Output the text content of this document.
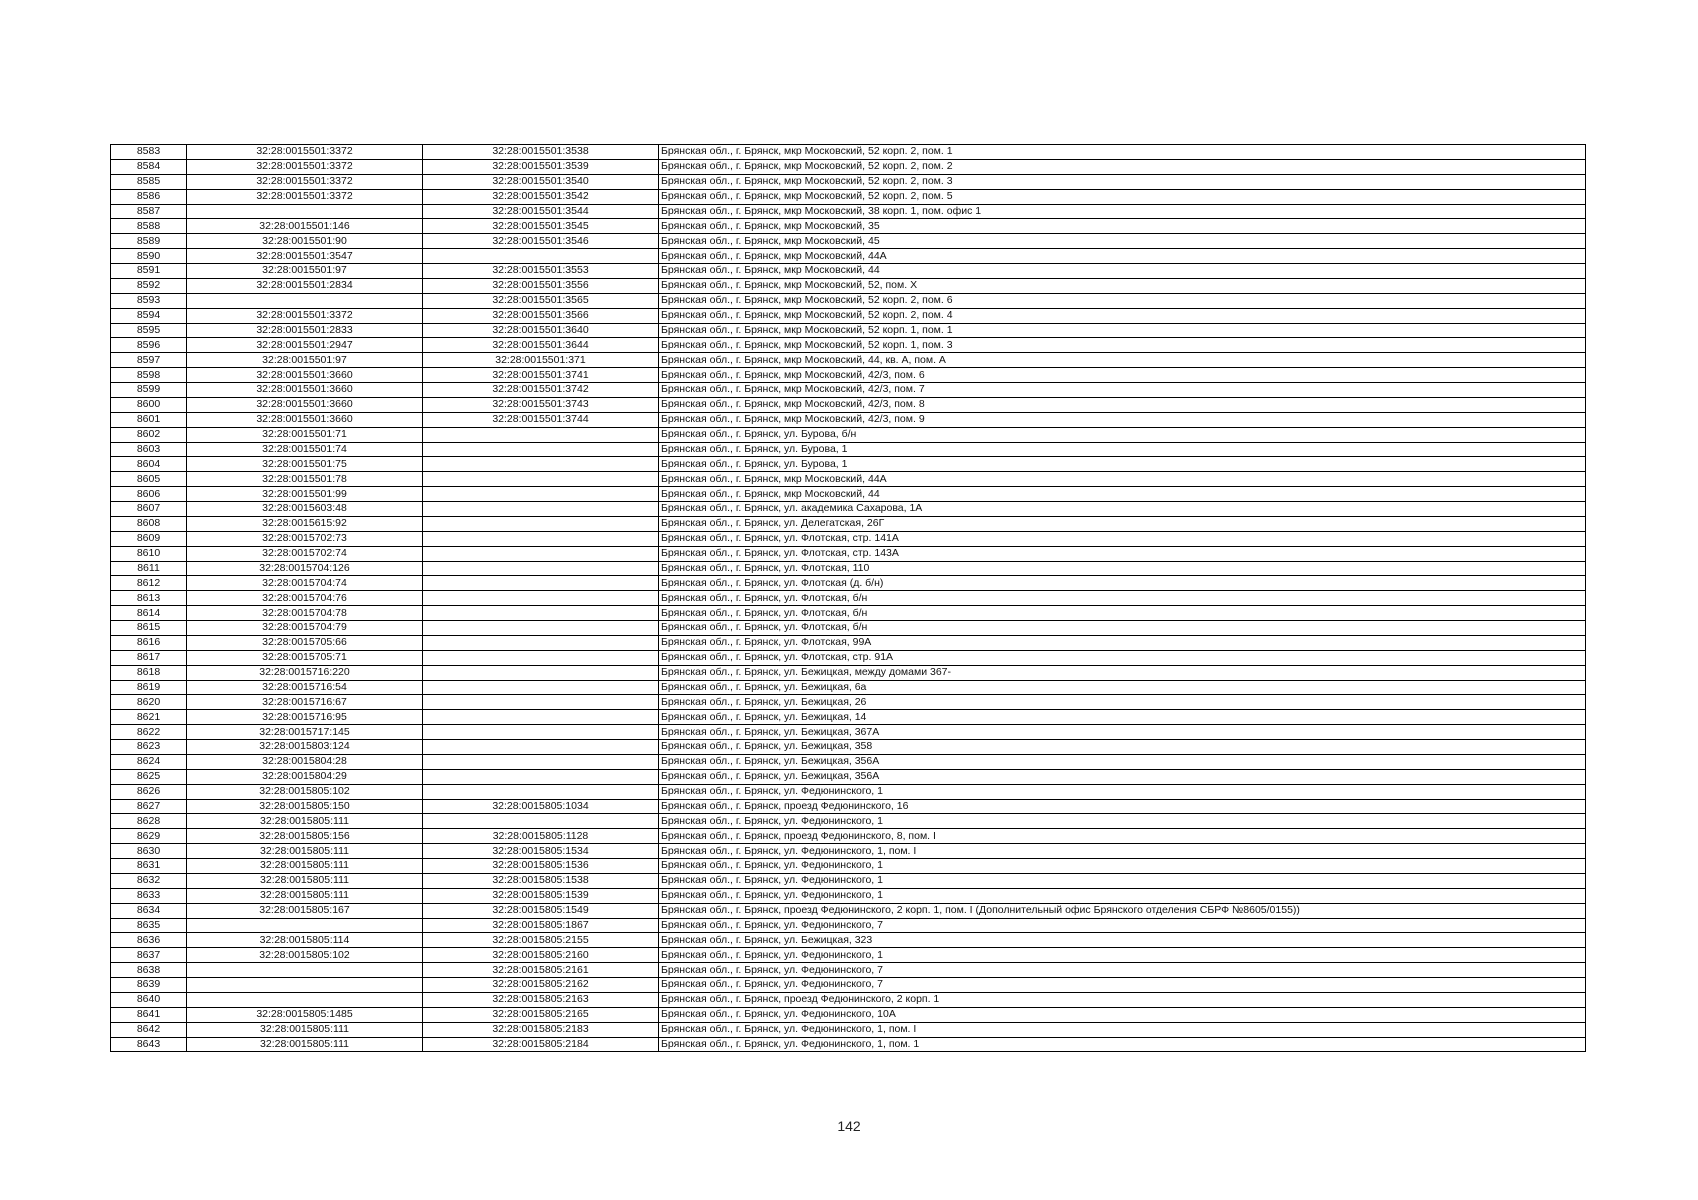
8583	32:28:0015501:3372	32:28:0015501:3538	Брянская обл., г. Брянск, мкр Московский, 52 корп. 2, пом. 1
8584	32:28:0015501:3372	32:28:0015501:3539	Брянская обл., г. Брянск, мкр Московский, 52 корп. 2, пом. 2
8585	32:28:0015501:3372	32:28:0015501:3540	Брянская обл., г. Брянск, мкр Московский, 52 корп. 2, пом. 3
8586	32:28:0015501:3372	32:28:0015501:3542	Брянская обл., г. Брянск, мкр Московский, 52 корп. 2, пом. 5
8587		32:28:0015501:3544	Брянская обл., г. Брянск, мкр Московский, 38 корп. 1, пом. офис 1
8588	32:28:0015501:146	32:28:0015501:3545	Брянская обл., г. Брянск, мкр Московский, 35
8589	32:28:0015501:90	32:28:0015501:3546	Брянская обл., г. Брянск, мкр Московский, 45
8590	32:28:0015501:3547		Брянская обл., г. Брянск, мкр Московский, 44А
8591	32:28:0015501:97	32:28:0015501:3553	Брянская обл., г. Брянск, мкр Московский, 44
8592	32:28:0015501:2834	32:28:0015501:3556	Брянская обл., г. Брянск, мкр Московский, 52, пом. X
8593		32:28:0015501:3565	Брянская обл., г. Брянск, мкр Московский, 52 корп. 2, пом. 6
8594	32:28:0015501:3372	32:28:0015501:3566	Брянская обл., г. Брянск, мкр Московский, 52 корп. 2, пом. 4
8595	32:28:0015501:2833	32:28:0015501:3640	Брянская обл., г. Брянск, мкр Московский, 52 корп. 1, пом. 1
8596	32:28:0015501:2947	32:28:0015501:3644	Брянская обл., г. Брянск, мкр Московский, 52 корп. 1, пом. 3
8597	32:28:0015501:97	32:28:0015501:371	Брянская обл., г. Брянск, мкр Московский, 44, кв. А, пом. А
8598	32:28:0015501:3660	32:28:0015501:3741	Брянская обл., г. Брянск, мкр Московский, 42/3, пом. 6
8599	32:28:0015501:3660	32:28:0015501:3742	Брянская обл., г. Брянск, мкр Московский, 42/3, пом. 7
8600	32:28:0015501:3660	32:28:0015501:3743	Брянская обл., г. Брянск, мкр Московский, 42/3, пом. 8
8601	32:28:0015501:3660	32:28:0015501:3744	Брянская обл., г. Брянск, мкр Московский, 42/3, пом. 9
8602	32:28:0015501:71		Брянская обл., г. Брянск, ул. Бурова, б/н
8603	32:28:0015501:74		Брянская обл., г. Брянск, ул. Бурова, 1
8604	32:28:0015501:75		Брянская обл., г. Брянск, ул. Бурова, 1
8605	32:28:0015501:78		Брянская обл., г. Брянск, мкр Московский, 44А
8606	32:28:0015501:99		Брянская обл., г. Брянск, мкр Московский, 44
8607	32:28:0015603:48		Брянская обл., г. Брянск, ул. академика Сахарова, 1А
8608	32:28:0015615:92		Брянская обл., г. Брянск, ул. Делегатская, 26Г
8609	32:28:0015702:73		Брянская обл., г. Брянск, ул. Флотская, стр. 141А
8610	32:28:0015702:74		Брянская обл., г. Брянск, ул. Флотская, стр. 143А
8611	32:28:0015704:126		Брянская обл., г. Брянск, ул. Флотская, 110
8612	32:28:0015704:74		Брянская обл., г. Брянск, ул. Флотская (д. б/н)
8613	32:28:0015704:76		Брянская обл., г. Брянск, ул. Флотская, б/н
8614	32:28:0015704:78		Брянская обл., г. Брянск, ул. Флотская, б/н
8615	32:28:0015704:79		Брянская обл., г. Брянск, ул. Флотская, б/н
8616	32:28:0015705:66		Брянская обл., г. Брянск, ул. Флотская, 99А
8617	32:28:0015705:71		Брянская обл., г. Брянск, ул. Флотская, стр. 91А
8618	32:28:0015716:220		Брянская обл., г. Брянск, ул. Бежицкая, между домами 367-
8619	32:28:0015716:54		Брянская обл., г. Брянск, ул. Бежицкая, 6а
8620	32:28:0015716:67		Брянская обл., г. Брянск, ул. Бежицкая, 26
8621	32:28:0015716:95		Брянская обл., г. Брянск, ул. Бежицкая, 14
8622	32:28:0015717:145		Брянская обл., г. Брянск, ул. Бежицкая, 367А
8623	32:28:0015803:124		Брянская обл., г. Брянск, ул. Бежицкая, 358
8624	32:28:0015804:28		Брянская обл., г. Брянск, ул. Бежицкая, 356А
8625	32:28:0015804:29		Брянская обл., г. Брянск, ул. Бежицкая, 356А
8626	32:28:0015805:102		Брянская обл., г. Брянск, ул. Федюнинского, 1
8627	32:28:0015805:150	32:28:0015805:1034	Брянская обл., г. Брянск, проезд Федюнинского, 16
8628	32:28:0015805:111		Брянская обл., г. Брянск, ул. Федюнинского, 1
8629	32:28:0015805:156	32:28:0015805:1128	Брянская обл., г. Брянск, проезд Федюнинского, 8, пом. I
8630	32:28:0015805:111	32:28:0015805:1534	Брянская обл., г. Брянск, ул. Федюнинского, 1, пом. I
8631	32:28:0015805:111	32:28:0015805:1536	Брянская обл., г. Брянск, ул. Федюнинского, 1
8632	32:28:0015805:111	32:28:0015805:1538	Брянская обл., г. Брянск, ул. Федюнинского, 1
8633	32:28:0015805:111	32:28:0015805:1539	Брянская обл., г. Брянск, ул. Федюнинского, 1
8634	32:28:0015805:167	32:28:0015805:1549	Брянская обл., г. Брянск, проезд Федюнинского, 2 корп. 1, пом. I (Дополнительный офис Брянского отделения СБРФ №8605/0155))
8635		32:28:0015805:1867	Брянская обл., г. Брянск, ул. Федюнинского, 7
8636	32:28:0015805:114	32:28:0015805:2155	Брянская обл., г. Брянск, ул. Бежицкая, 323
8637	32:28:0015805:102	32:28:0015805:2160	Брянская обл., г. Брянск, ул. Федюнинского, 1
8638		32:28:0015805:2161	Брянская обл., г. Брянск, ул. Федюнинского, 7
8639		32:28:0015805:2162	Брянская обл., г. Брянск, ул. Федюнинского, 7
8640		32:28:0015805:2163	Брянская обл., г. Брянск, проезд Федюнинского, 2 корп. 1
8641	32:28:0015805:1485	32:28:0015805:2165	Брянская обл., г. Брянск, ул. Федюнинского, 10А
8642	32:28:0015805:111	32:28:0015805:2183	Брянская обл., г. Брянск, ул. Федюнинского, 1, пом. I
8643	32:28:0015805:111	32:28:0015805:2184	Брянская обл., г. Брянск, ул. Федюнинского, 1, пом. 1
142
